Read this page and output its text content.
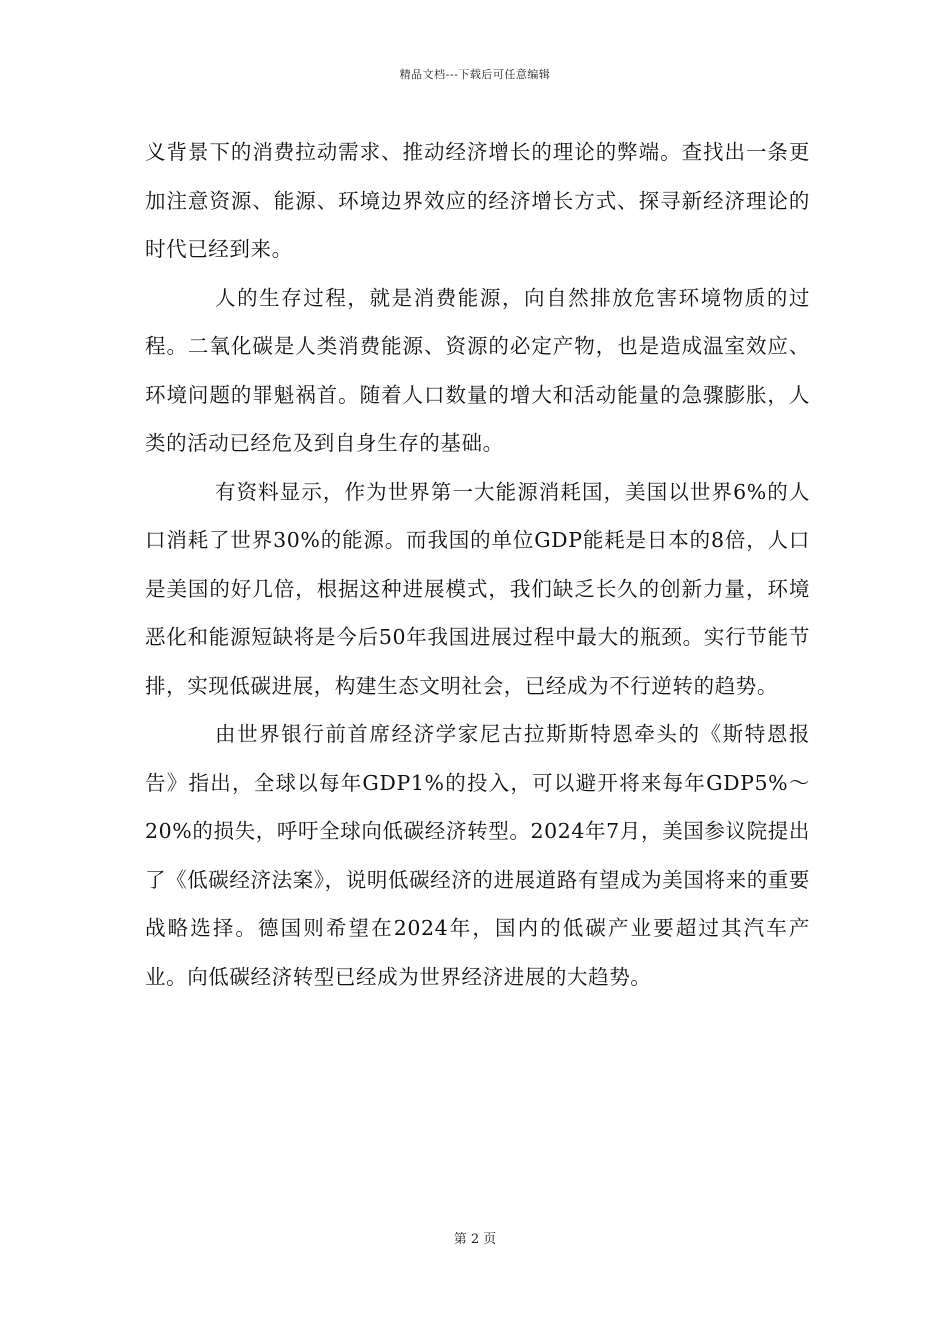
精品文档---下载后可任意编辑

义背景下的消费拉动需求、推动经济增长的理论的弊端。查找出一条更加注意资源、能源、环境边界效应的经济增长方式、探寻新经济理论的时代已经到来。

人的生存过程，就是消费能源，向自然排放危害环境物质的过程。二氧化碳是人类消费能源、资源的必定产物，也是造成温室效应、环境问题的罪魁祸首。随着人口数量的增大和活动能量的急骤膨胀，人类的活动已经危及到自身生存的基础。

有资料显示，作为世界第一大能源消耗国，美国以世界6%的人口消耗了世界30%的能源。而我国的单位GDP能耗是日本的8倍，人口是美国的好几倍，根据这种进展模式，我们缺乏长久的创新力量，环境恶化和能源短缺将是今后50年我国进展过程中最大的瓶颈。实行节能节排，实现低碳进展，构建生态文明社会，已经成为不行逆转的趋势。

由世界银行前首席经济学家尼古拉斯斯特恩牵头的《斯特恩报告》指出，全球以每年GDP1%的投入，可以避开将来每年GDP5%～20%的损失，呼吁全球向低碳经济转型。2024年7月，美国参议院提出了《低碳经济法案》，说明低碳经济的进展道路有望成为美国将来的重要战略选择。德国则希望在2024年，国内的低碳产业要超过其汽车产业。向低碳经济转型已经成为世界经济进展的大趋势。

第 2 页
